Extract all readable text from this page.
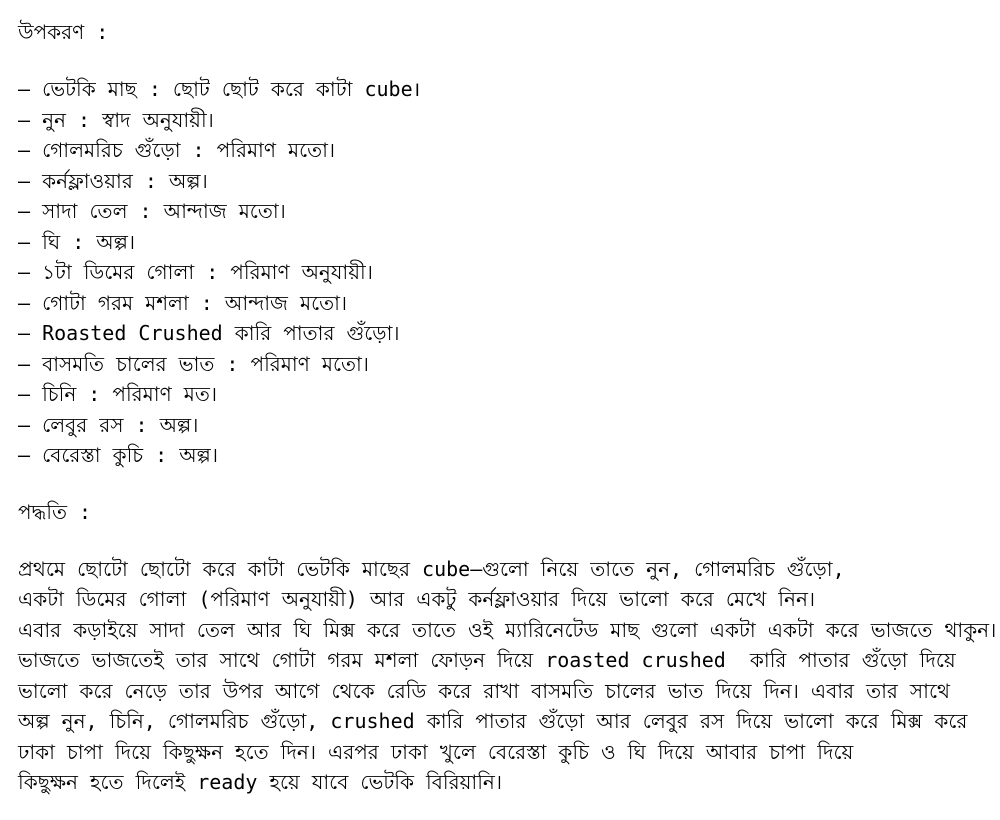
উপকরণ :
– ভেটকি মাছ : ছোট ছোট করে কাটা cube।
– নুন : স্বাদ অনুযায়ী।
– গোলমরিচ গুঁড়ো : পরিমাণ মতো।
– কর্নফ্লাওয়ার : অল্প।
– সাদা তেল : আন্দাজ মতো।
– ঘি : অল্প।
– ১টা ডিমের গোলা : পরিমাণ অনুযায়ী।
– গোটা গরম মশলা : আন্দাজ মতো।
– Roasted Crushed কারি পাতার গুঁড়ো।
– বাসমতি চালের ভাত : পরিমাণ মতো।
– চিনি : পরিমাণ মত।
– লেবুর রস : অল্প।
– বেরেস্তা কুচি : অল্প।
পদ্ধতি :
প্রথমে ছোটো ছোটো করে কাটা ভেটকি মাছের cube–গুলো নিয়ে তাতে নুন, গোলমরিচ গুঁড়ো,
একটা ডিমের গোলা (পরিমাণ অনুযায়ী) আর একটু কর্নফ্লাওয়ার দিয়ে ভালো করে মেখে নিন।
এবার কড়াইয়ে সাদা তেল আর ঘি মিক্স করে তাতে ওই ম্যারিনেটেড মাছ গুলো একটা একটা করে ভাজতে থাকুন।
ভাজতে ভাজতেই তার সাথে গোটা গরম মশলা ফোড়ন দিয়ে roasted crushed  কারি পাতার গুঁড়ো দিয়ে
ভালো করে নেড়ে তার উপর আগে থেকে রেডি করে রাখা বাসমতি চালের ভাত দিয়ে দিন। এবার তার সাথে
অল্প নুন, চিনি, গোলমরিচ গুঁড়ো, crushed কারি পাতার গুঁড়ো আর লেবুর রস দিয়ে ভালো করে মিক্স করে
ঢাকা চাপা দিয়ে কিছুক্ষন হতে দিন। এরপর ঢাকা খুলে বেরেস্তা কুচি ও ঘি দিয়ে আবার চাপা দিয়ে
কিছুক্ষন হতে দিলেই ready হয়ে যাবে ভেটকি বিরিয়ানি।
